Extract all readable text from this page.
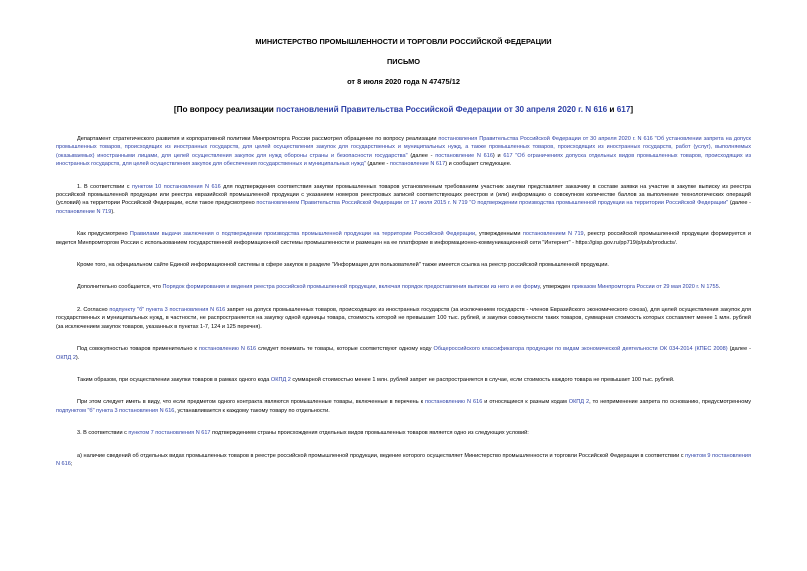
МИНИСТЕРСТВО ПРОМЫШЛЕННОСТИ И ТОРГОВЛИ РОССИЙСКОЙ ФЕДЕРАЦИИ
ПИСЬМО
от 8 июля 2020 года N 47475/12
[По вопросу реализации постановлений Правительства Российской Федерации от 30 апреля 2020 г. N 616 и 617]

Департамент стратегического развития и корпоративной политики Минпромторга России рассмотрел обращение по вопросу реализации постановления Правительства Российской Федерации от 30 апреля 2020 г. N 616 "Об установлении запрета на допуск промышленных товаров, происходящих из иностранных государств, для целей осуществления закупок для государственных и муниципальных нужд, а также промышленных товаров, происходящих из иностранных государств, работ (услуг), выполняемых (оказываемых) иностранными лицами, для целей осуществления закупок для нужд обороны страны и безопасности государства" (далее - постановление N 616) и 617 "Об ограничениях допуска отдельных видов промышленных товаров, происходящих из иностранных государств, для целей осуществления закупок для обеспечения государственных и муниципальных нужд" (далее - постановление N 617) и сообщает следующее.

1. В соответствии с пунктом 10 постановления N 616 для подтверждения соответствия закупки промышленных товаров установленным требованиям участник закупки представляет заказчику в составе заявки на участие в закупке выписку из реестра российской промышленной продукции или реестра евразийской промышленной продукции с указанием номеров реестровых записей соответствующих реестров и (или) информацию о совокупном количестве баллов за выполнение технологических операций (условий) на территории Российской Федерации, если такое предусмотрено постановлением Правительства Российской Федерации от 17 июля 2015 г. N 719 "О подтверждении производства промышленной продукции на территории Российской Федерации" (далее - постановление N 719).

Как предусмотрено Правилами выдачи заключения о подтверждении производства промышленной продукции на территории Российской Федерации, утвержденными постановлением N 719, реестр российской промышленной продукции формируется и ведется Минпромторгом России с использованием государственной информационной системы промышленности и размещен на ее платформе в информационно-коммуникационной сети "Интернет" - https://gisp.gov.ru/pp719/p/pub/products/.

Кроме того, на официальном сайте Единой информационной системы в сфере закупок в разделе "Информация для пользователей" также имеется ссылка на реестр российской промышленной продукции.

Дополнительно сообщается, что Порядок формирования и ведения реестра российской промышленной продукции, включая порядок предоставления выписки из него и ее форму, утвержден приказом Минпромторга России от 29 мая 2020 г. N 1755.

2. Согласно подпункту "б" пункта 3 постановления N 616 запрет на допуск промышленных товаров, происходящих из иностранных государств (за исключением государств - членов Евразийского экономического союза), для целей осуществления закупок для государственных и муниципальных нужд, в частности, не распространяется на закупку одной единицы товара, стоимость которой не превышает 100 тыс. рублей, и закупки совокупности таких товаров, суммарная стоимость которых составляет менее 1 млн. рублей (за исключением закупок товаров, указанных в пунктах 1-7, 124 и 125 перечня).

Под совокупностью товаров применительно к постановлению N 616 следует понимать те товары, которые соответствуют одному коду Общероссийского классификатора продукции по видам экономической деятельности ОК 034-2014 (КПЕС 2008) (далее - ОКПД 2).

Таким образом, при осуществлении закупки товаров в рамках одного кода ОКПД 2 суммарной стоимостью менее 1 млн. рублей запрет не распространяется в случае, если стоимость каждого товара не превышает 100 тыс. рублей.

При этом следует иметь в виду, что если предметом одного контракта являются промышленные товары, включенные в перечень к постановлению N 616 и относящиеся к разным кодам ОКПД 2, то неприменение запрета по основанию, предусмотренному подпунктом "б" пункта 3 постановления N 616, устанавливается к каждому такому товару по отдельности.

3. В соответствии с пунктом 7 постановления N 617 подтверждением страны происхождения отдельных видов промышленных товаров является одно из следующих условий:

а) наличие сведений об отдельных видах промышленных товаров в реестре российской промышленной продукции, ведение которого осуществляет Министерство промышленности и торговли Российской Федерации в соответствии с пунктом 9 постановления N 616;
